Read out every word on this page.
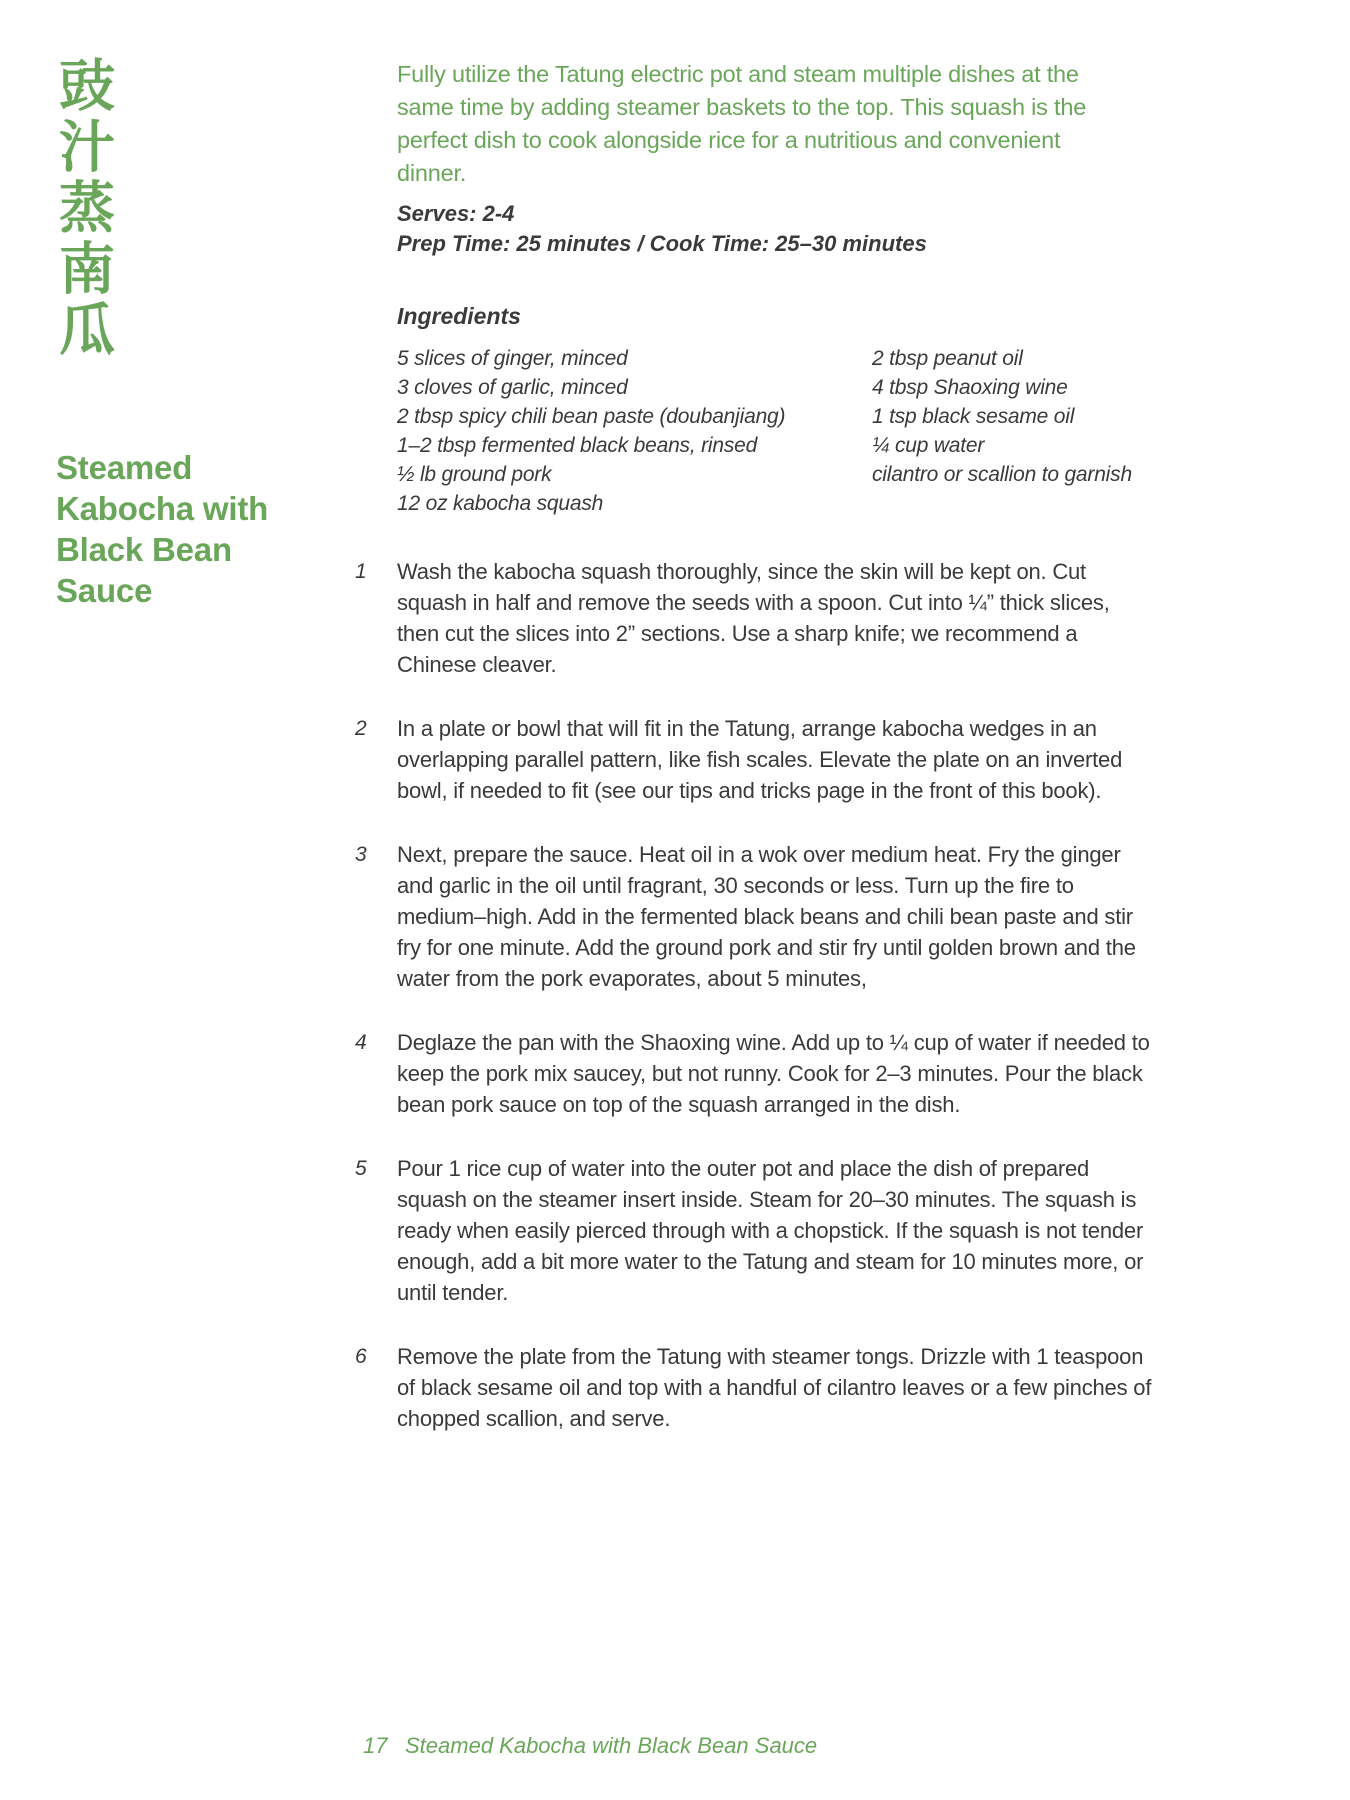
豉汁蒸南瓜
Steamed Kabocha with Black Bean Sauce

Fully utilize the Tatung electric pot and steam multiple dishes at the same time by adding steamer baskets to the top. This squash is the perfect dish to cook alongside rice for a nutritious and convenient dinner.

Serves: 2-4
Prep Time: 25 minutes / Cook Time: 25–30 minutes
Ingredients
5 slices of ginger, minced
3 cloves of garlic, minced
2 tbsp spicy chili bean paste (doubanjiang)
1–2 tbsp fermented black beans, rinsed
½ lb ground pork
12 oz kabocha squash
2 tbsp peanut oil
4 tbsp Shaoxing wine
1 tsp black sesame oil
¼ cup water
cilantro or scallion to garnish
1	Wash the kabocha squash thoroughly, since the skin will be kept on. Cut squash in half and remove the seeds with a spoon. Cut into ¼” thick slices, then cut the slices into 2” sections. Use a sharp knife; we recommend a Chinese cleaver.
2	In a plate or bowl that will fit in the Tatung, arrange kabocha wedges in an overlapping parallel pattern, like fish scales. Elevate the plate on an inverted bowl, if needed to fit (see our tips and tricks page in the front of this book).
3	Next, prepare the sauce. Heat oil in a wok over medium heat. Fry the ginger and garlic in the oil until fragrant, 30 seconds or less. Turn up the fire to medium–high. Add in the fermented black beans and chili bean paste and stir fry for one minute. Add the ground pork and stir fry until golden brown and the water from the pork evaporates, about 5 minutes,
4	Deglaze the pan with the Shaoxing wine. Add up to ¼ cup of water if needed to keep the pork mix saucey, but not runny. Cook for 2–3 minutes. Pour the black bean pork sauce on top of the squash arranged in the dish.
5	Pour 1 rice cup of water into the outer pot and place the dish of prepared squash on the steamer insert inside. Steam for 20–30 minutes. The squash is ready when easily pierced through with a chopstick. If the squash is not tender enough, add a bit more water to the Tatung and steam for 10 minutes more, or until tender.
6	Remove the plate from the Tatung with steamer tongs. Drizzle with 1 teaspoon of black sesame oil and top with a handful of cilantro leaves or a few pinches of chopped scallion, and serve.
17 Steamed Kabocha with Black Bean Sauce
